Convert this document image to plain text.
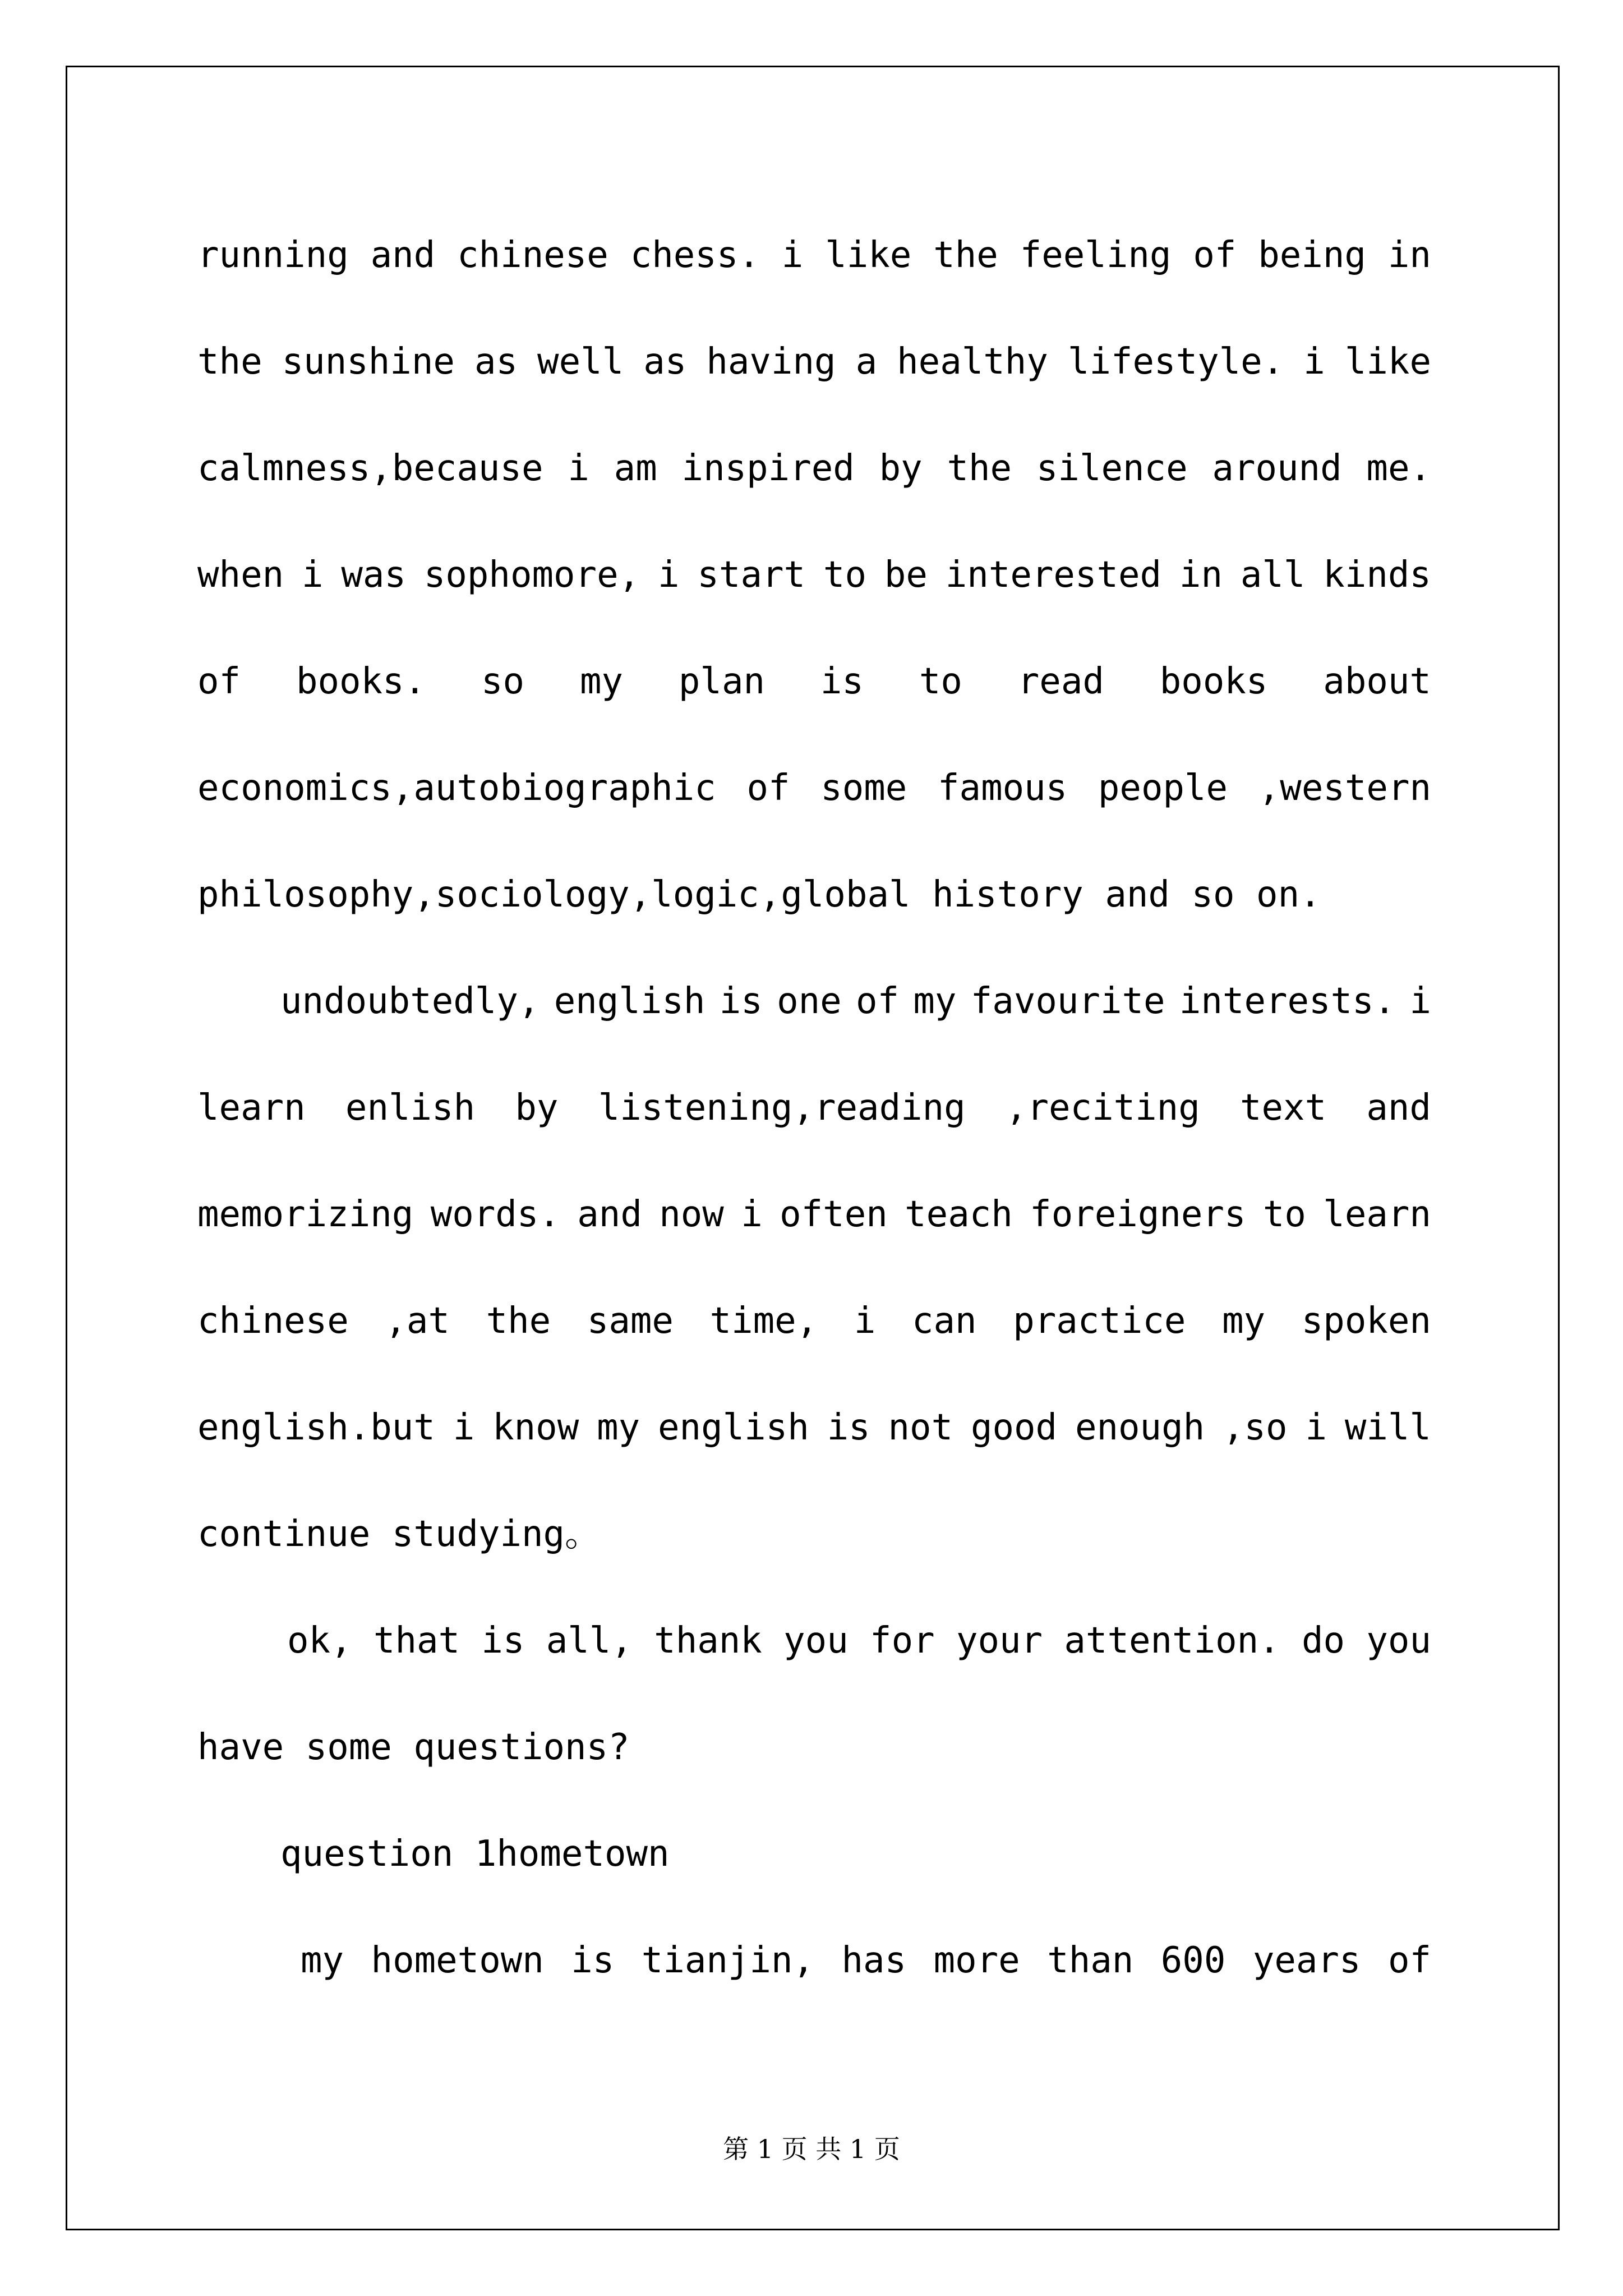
running and chinese chess. i like the feeling of being in
the sunshine as well as having a healthy lifestyle. i like
calmness,because i am inspired by the silence around me.
when i was sophomore, i start to be interested in all kinds
of books. so my plan is to read books about
economics,autobiographic of some famous people ,western
philosophy,sociology,logic,global history and so on.
undoubtedly, english is one of my favourite interests. i
learn enlish by listening,reading ,reciting text and
memorizing words. and now i often teach foreigners to learn
chinese ,at the same time, i can practice my spoken
english.but i know my english is not good enough ,so i will
continue studying。
ok, that is all, thank you for your attention. do you
have some questions?
question 1hometown
my hometown is tianjin, has more than 600 years of
第 1 页 共 1 页
